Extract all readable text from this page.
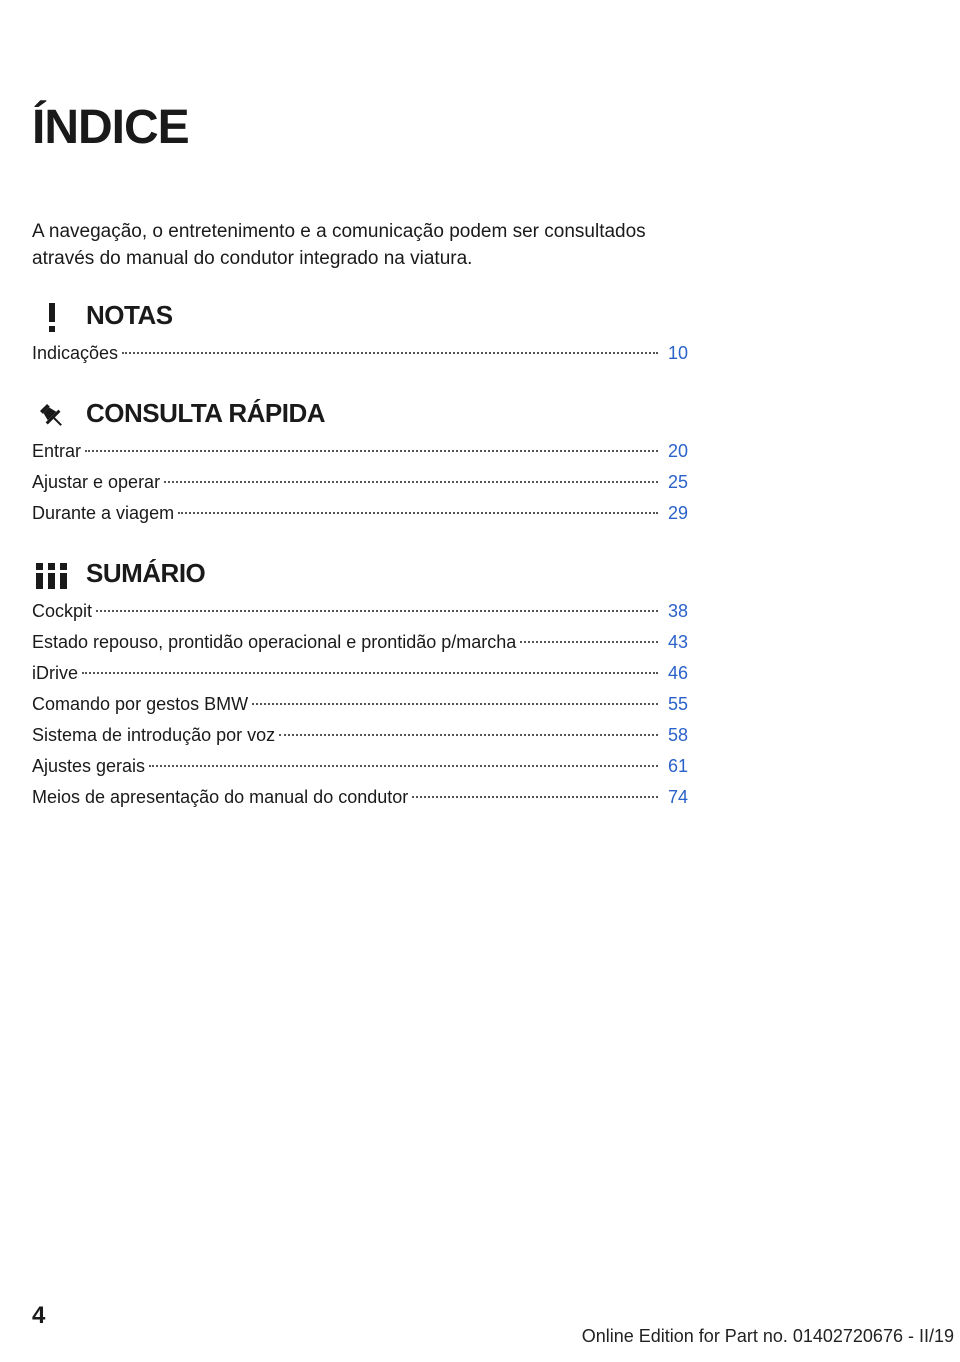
ÍNDICE

A navegação, o entretenimento e a comunicação podem ser consultados através do manual do condutor integrado na viatura.

NOTAS
Indicações	10
CONSULTA RÁPIDA
Entrar	20
Ajustar e operar	25
Durante a viagem	29
SUMÁRIO
Cockpit	38
Estado repouso, prontidão operacional e prontidão p/marcha	43
iDrive	46
Comando por gestos BMW	55
Sistema de introdução por voz	58
Ajustes gerais	61
Meios de apresentação do manual do condutor	74
4
Online Edition for Part no. 01402720676 - II/19
